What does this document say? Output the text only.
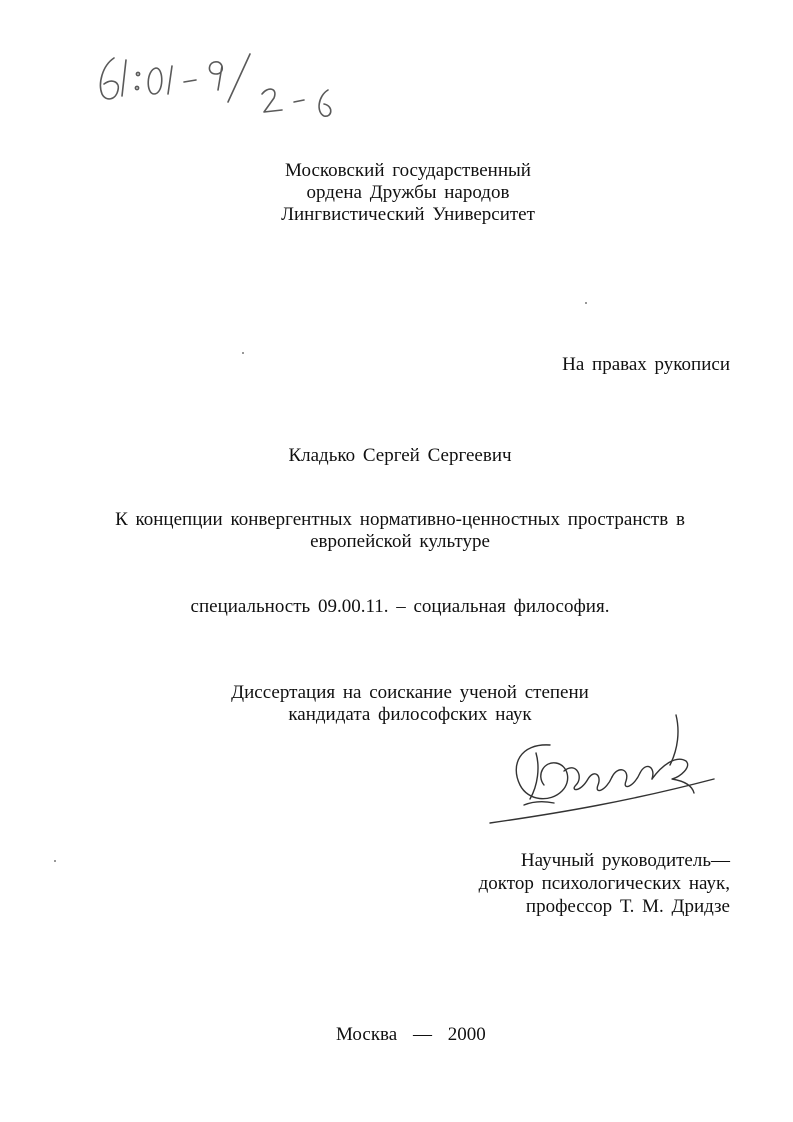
Московский государственный
ордена Дружбы народов
Лингвистический Университет
На правах рукописи
Кладько Сергей Сергеевич
К концепции конвергентных нормативно-ценностных пространств в
европейской культуре
специальность 09.00.11. – социальная философия.
Диссертация на соискание ученой степени
кандидата философских наук
Научный руководитель—
доктор психологических наук,
профессор Т. М. Дридзе
Москва — 2000
